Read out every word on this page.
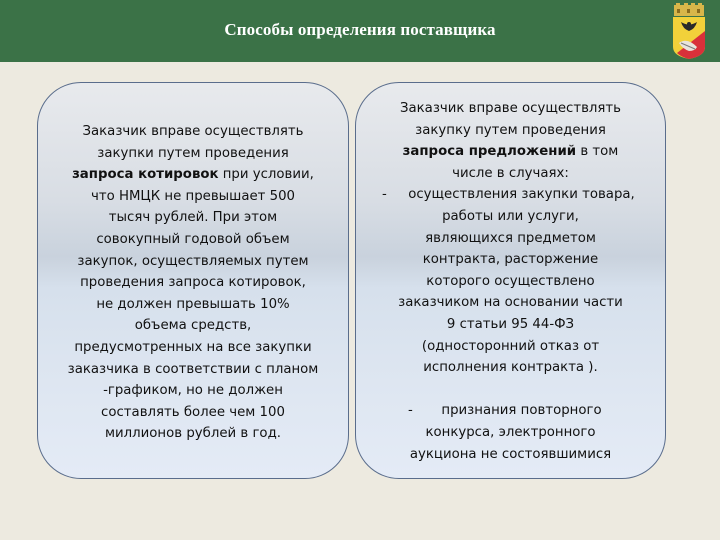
Способы определения поставщика
Заказчик вправе осуществлять
закупки путем проведения
запроса котировок при условии,
что НМЦК не превышает 500
тысяч рублей. При этом
совокупный годовой объем
закупок, осуществляемых путем
проведения запроса котировок,
не должен превышать 10%
объема средств,
предусмотренных на все закупки
заказчика в соответствии с планом
-графиком, но не должен
составлять более чем 100
миллионов рублей в год.
Заказчик вправе осуществлять
закупку путем проведения
запроса предложений в том
числе в случаях:
- осуществления закупки товара,
работы или услуги,
являющихся предметом
контракта, расторжение
которого осуществлено
заказчиком на основании части
9 статьи 95 44-ФЗ
(односторонний отказ от
исполнения контракта ).
- признания повторного
конкурса, электронного
аукциона не состоявшимися
